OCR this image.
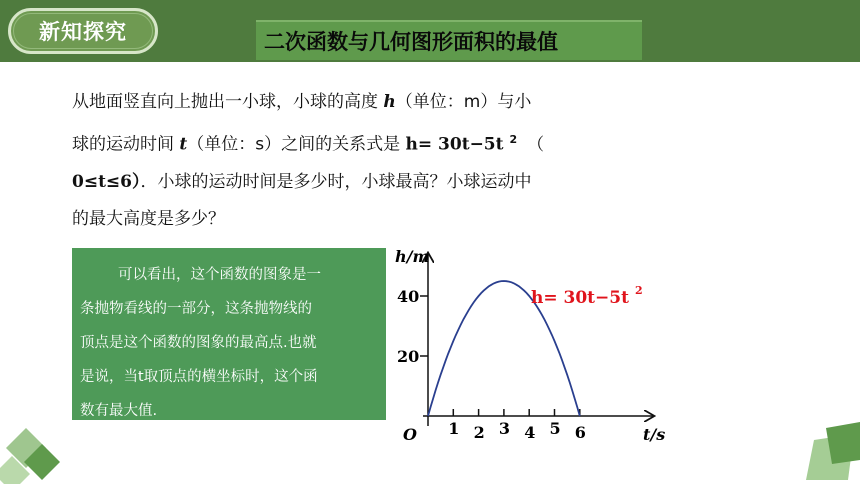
新知探究	二次函数与几何图形面积的最值
从地面竖直向上抛出一小球，小球的高度 h（单位：m）与小
球的运动时间 t（单位：s）之间的关系式是 h= 30t−5t $^2$ （
0≤t≤6）．小球的运动时间是多少时，小球最高？小球运动中
的最大高度是多少？
可以看出，这个函数的图象是一
条抛物看线的一部分，这条抛物线的
顶点是这个函数的图象的最高点.也就
是说，当t取顶点的横坐标时，这个函
数有最大值.
1 2 3 4 5 6
20
40
h/m
t/s
O
h= 30t−5t $^2$
